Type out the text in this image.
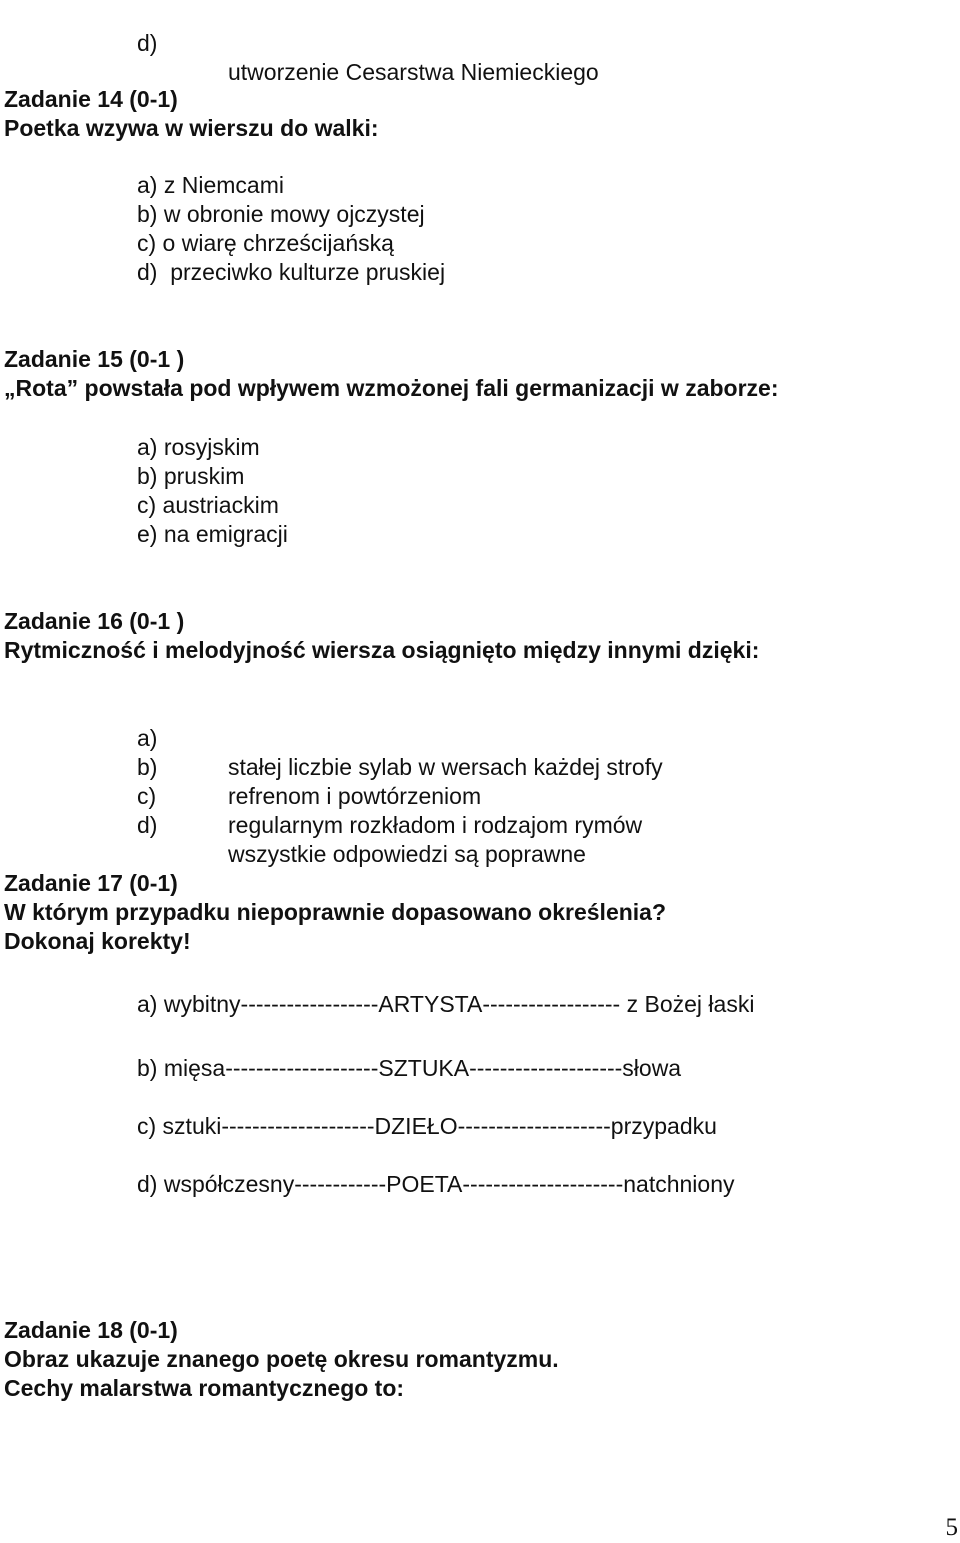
d)

utworzenie Cesarstwa Niemieckiego

Zadanie 14 (0-1)
Poetka wzywa w wierszu do walki:
a) z Niemcami
b) w obronie mowy ojczystej
c) o wiarę chrześcijańską
d)  przeciwko kulturze pruskiej
Zadanie 15 (0-1 )
„Rota” powstała pod wpływem wzmożonej fali germanizacji w zaborze:
a) rosyjskim
b) pruskim
c) austriackim
e) na emigracji
Zadanie 16 (0-1 )
Rytmiczność i melodyjność wiersza osiągnięto między innymi dzięki:

a)

stałej liczbie sylab w wersach każdej strofy

b)

refrenom i powtórzeniom

c)

regularnym rozkładom i rodzajom rymów

d)

wszystkie odpowiedzi są poprawne

Zadanie 17 (0-1)
W którym przypadku niepoprawnie dopasowano określenia?
Dokonaj korekty!
a) wybitny------------------ARTYSTA------------------ z Bożej łaski
b) mięsa--------------------SZTUKA--------------------słowa
c) sztuki--------------------DZIEŁO--------------------przypadku
d) współczesny------------POETA---------------------natchniony
Zadanie 18 (0-1)
Obraz ukazuje znanego poetę okresu romantyzmu.
Cechy malarstwa romantycznego to:
5
